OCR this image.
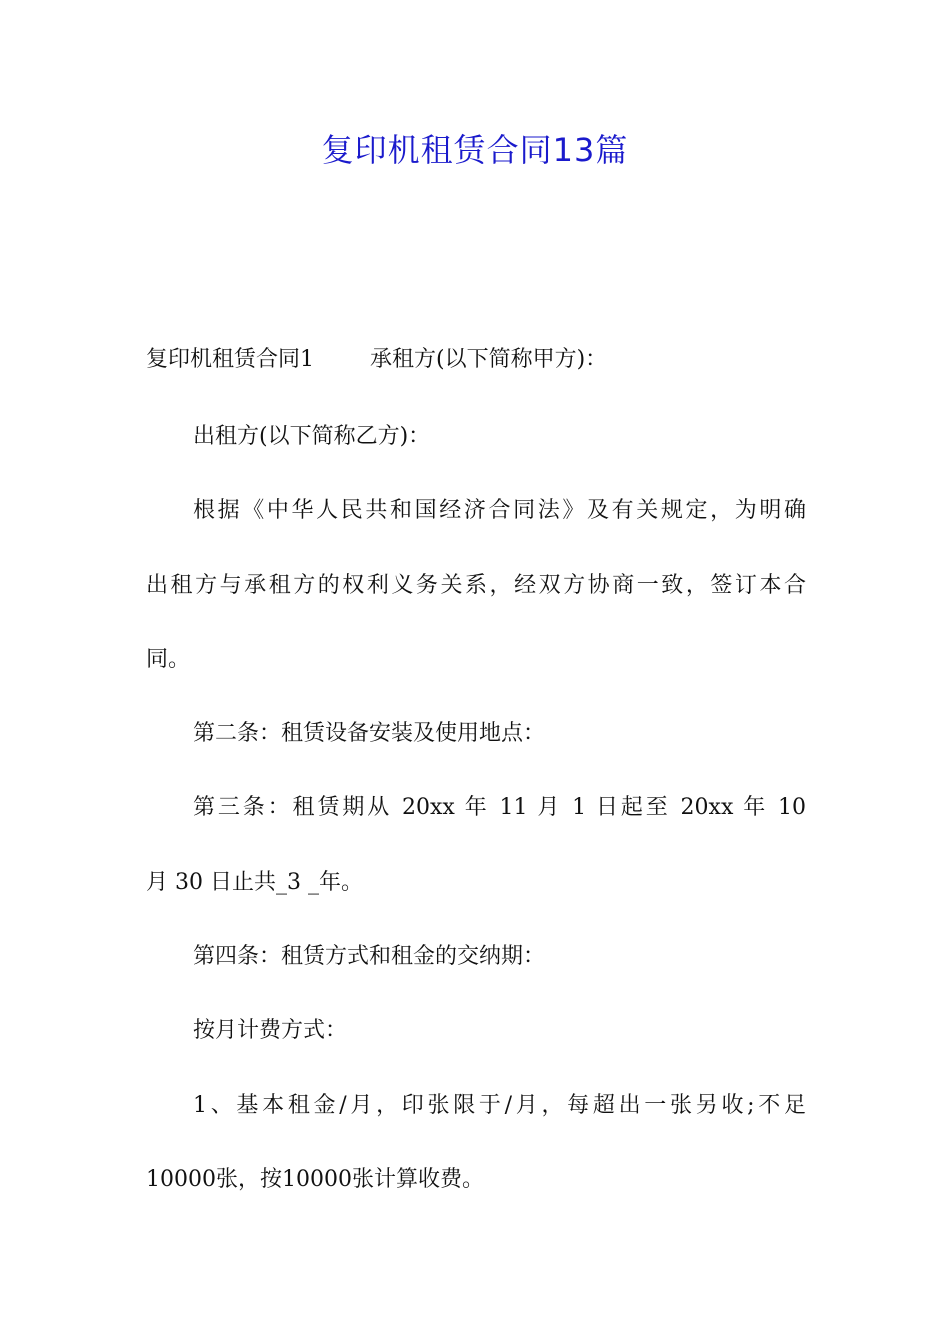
复印机租赁合同13篇
复印机租赁合同1	承租方(以下简称甲方)：
出租方(以下简称乙方)：
根据《中华人民共和国经济合同法》及有关规定，为明确
出租方与承租方的权利义务关系，经双方协商一致，签订本合
同。
第二条：租赁设备安装及使用地点：
第三条：租赁期从 20xx 年 11 月 1 日起至 20xx 年 10
月 30 日止共_3 _年。
第四条：租赁方式和租金的交纳期：
按月计费方式：
1、基本租金/月，印张限于/月，每超出一张另收;不足
10000张，按10000张计算收费。
